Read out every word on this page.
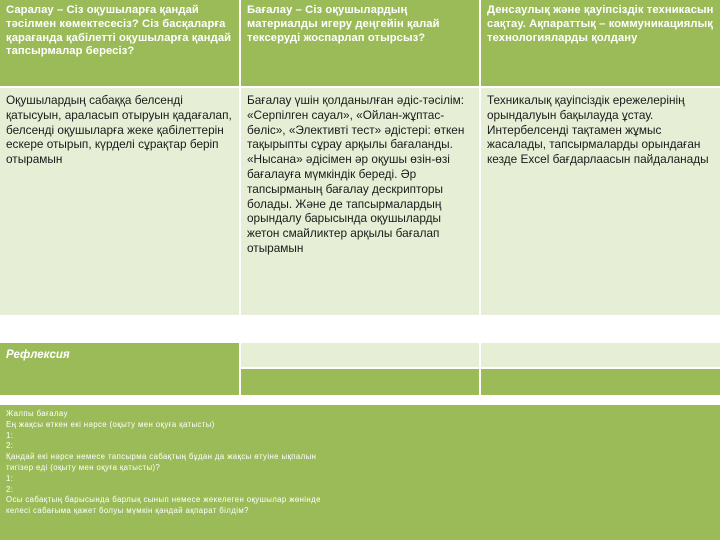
Саралау – Сіз оқушыларға қандай тәсілмен көмектесесіз? Сіз басқаларға қарағанда қабілетті оқушыларға қандай тапсырмалар бересіз?
Бағалау – Сіз оқушылардың материалды игеру деңгейін қалай тексеруді жоспарлап отырсыз?
Денсаулық және қауіпсіздік техникасын сақтау. Ақпараттық – коммуникациялық технологияларды қолдану
Оқушылардың сабаққа белсенді қатысуын, араласып отыруын қадағалап, белсенді оқушыларға жеке қабілеттерін ескере отырып, күрделі сұрақтар беріп отырамын
Бағалау үшін қолданылған әдіс-тәсілім: «Серпілген сауал», «Ойлан-жұптас-бөліс», «Элективті тест» әдістері: өткен тақырыпты сұрау арқылы бағаланды. «Нысана» әдісімен әр оқушы өзін-өзі бағалауға мүмкіндік береді. Әр тапсырманың бағалау дескрипторы болады. Және де тапсырмалардың орындалу барысында оқушыларды жетон смайликтер арқылы бағалап отырамын
Техникалық қауіпсіздік ережелерінің орындалуын бақылауда ұстау. Интербелсенді тақтамен жұмыс жасалады, тапсырмаларды орындаған кезде Excel бағдарлаасын пайдаланады
Рефлексия
Жалпы бағалау
Ең жақсы өткен екі нәрсе (оқыту мен оқуға қатысты)
1:
2:
Қандай екі нәрсе немесе тапсырма сабақтың бұдан да жақсы өтуіне ықпалын
тигізер еді (оқыту мен оқуға қатысты)?
1:
2:
Осы сабақтың барысында барлық сынып немесе жекелеген оқушылар жөнінде
келесі сабағыма қажет болуы мүмкін қандай ақпарат білдім?
